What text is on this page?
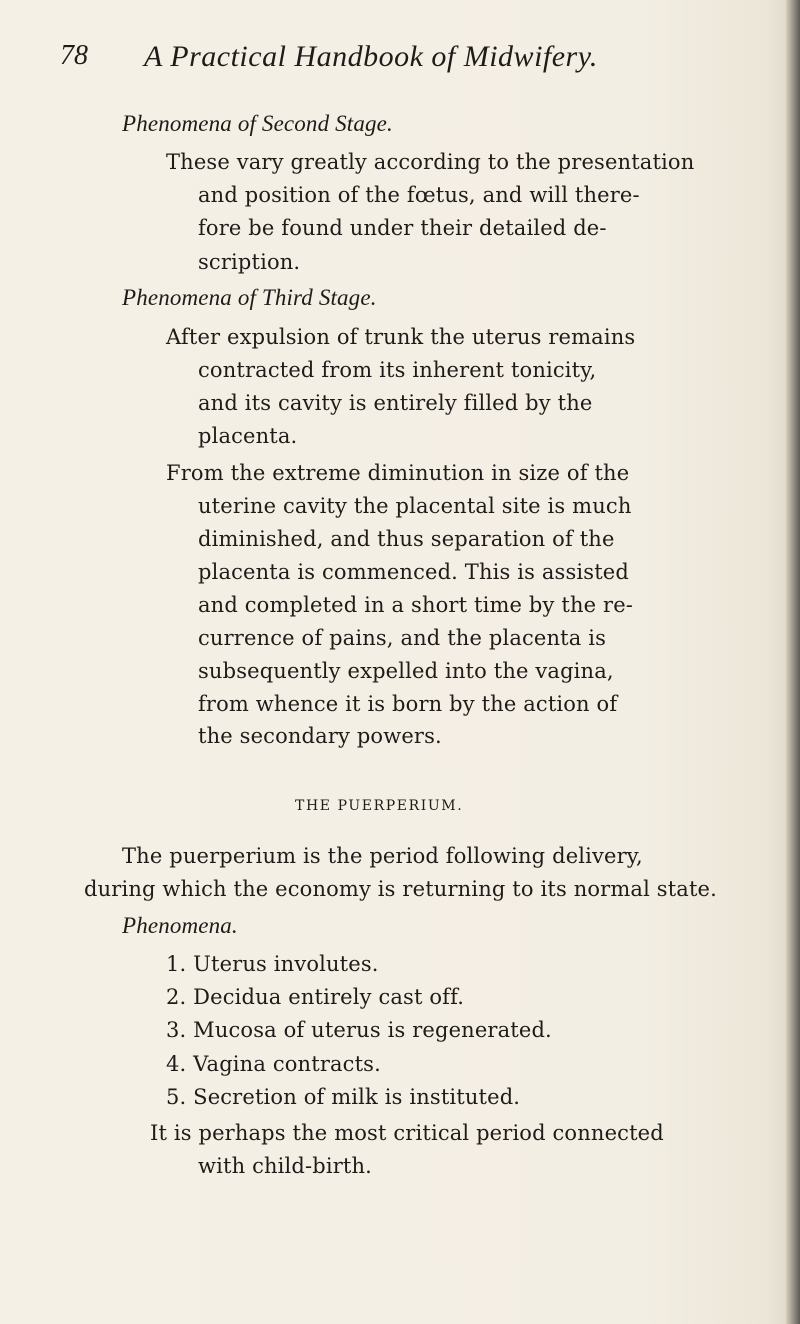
78 A Practical Handbook of Midwifery.
Phenomena of Second Stage.
These vary greatly according to the presentation
and position of the fœtus, and will there-
fore be found under their detailed de-
scription.
Phenomena of Third Stage.
After expulsion of trunk the uterus remains
contracted from its inherent tonicity,
and its cavity is entirely filled by the
placenta.
From the extreme diminution in size of the
uterine cavity the placental site is much
diminished, and thus separation of the
placenta is commenced. This is assisted
and completed in a short time by the re-
currence of pains, and the placenta is
subsequently expelled into the vagina,
from whence it is born by the action of
the secondary powers.
THE PUERPERIUM.
The puerperium is the period following delivery,
during which the economy is returning to its normal state.
Phenomena.
1. Uterus involutes.
2. Decidua entirely cast off.
3. Mucosa of uterus is regenerated.
4. Vagina contracts.
5. Secretion of milk is instituted.
It is perhaps the most critical period connected
with child-birth.
